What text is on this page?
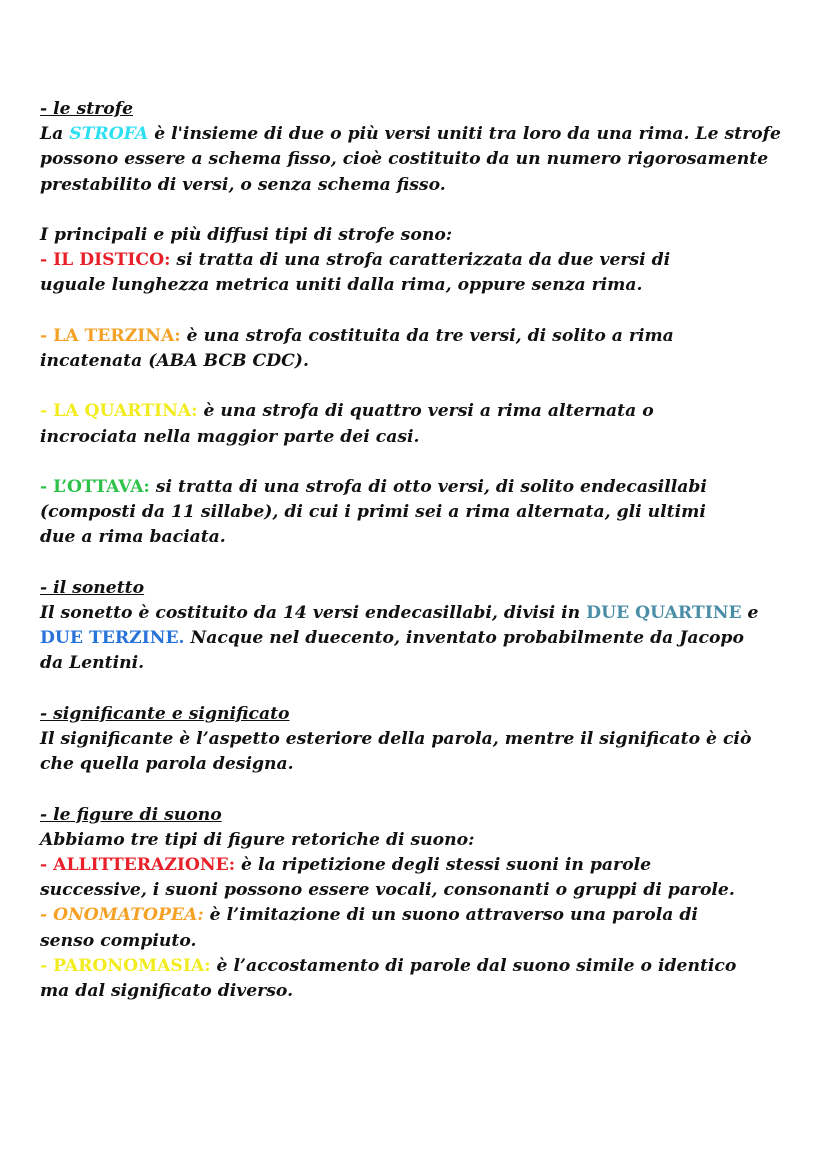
- le strofe
La STROFA è l'insieme di due o più versi uniti tra loro da una rima. Le strofe
possono essere a schema fisso, cioè costituito da un numero rigorosamente
prestabilito di versi, o senza schema fisso.
I principali e più diffusi tipi di strofe sono:
- IL DISTICO: si tratta di una strofa caratterizzata da due versi di
uguale lunghezza metrica uniti dalla rima, oppure senza rima.
- LA TERZINA: è una strofa costituita da tre versi, di solito a rima
incatenata (ABA BCB CDC).
- LA QUARTINA: è una strofa di quattro versi a rima alternata o
incrociata nella maggior parte dei casi.
- L’OTTAVA: si tratta di una strofa di otto versi, di solito endecasillabi
(composti da 11 sillabe), di cui i primi sei a rima alternata, gli ultimi
due a rima baciata.
- il sonetto
Il sonetto è costituito da 14 versi endecasillabi, divisi in DUE QUARTINE e
DUE TERZINE. Nacque nel duecento, inventato probabilmente da Jacopo
da Lentini.
- significante e significato
Il significante è l’aspetto esteriore della parola, mentre il significato è ciò
che quella parola designa.
- le figure di suono
Abbiamo tre tipi di figure retoriche di suono:
- ALLITTERAZIONE: è la ripetizione degli stessi suoni in parole
successive, i suoni possono essere vocali, consonanti o gruppi di parole.
- ONOMATOPEA: è l’imitazione di un suono attraverso una parola di
senso compiuto.
- PARONOMASIA: è l’accostamento di parole dal suono simile o identico
ma dal significato diverso.
